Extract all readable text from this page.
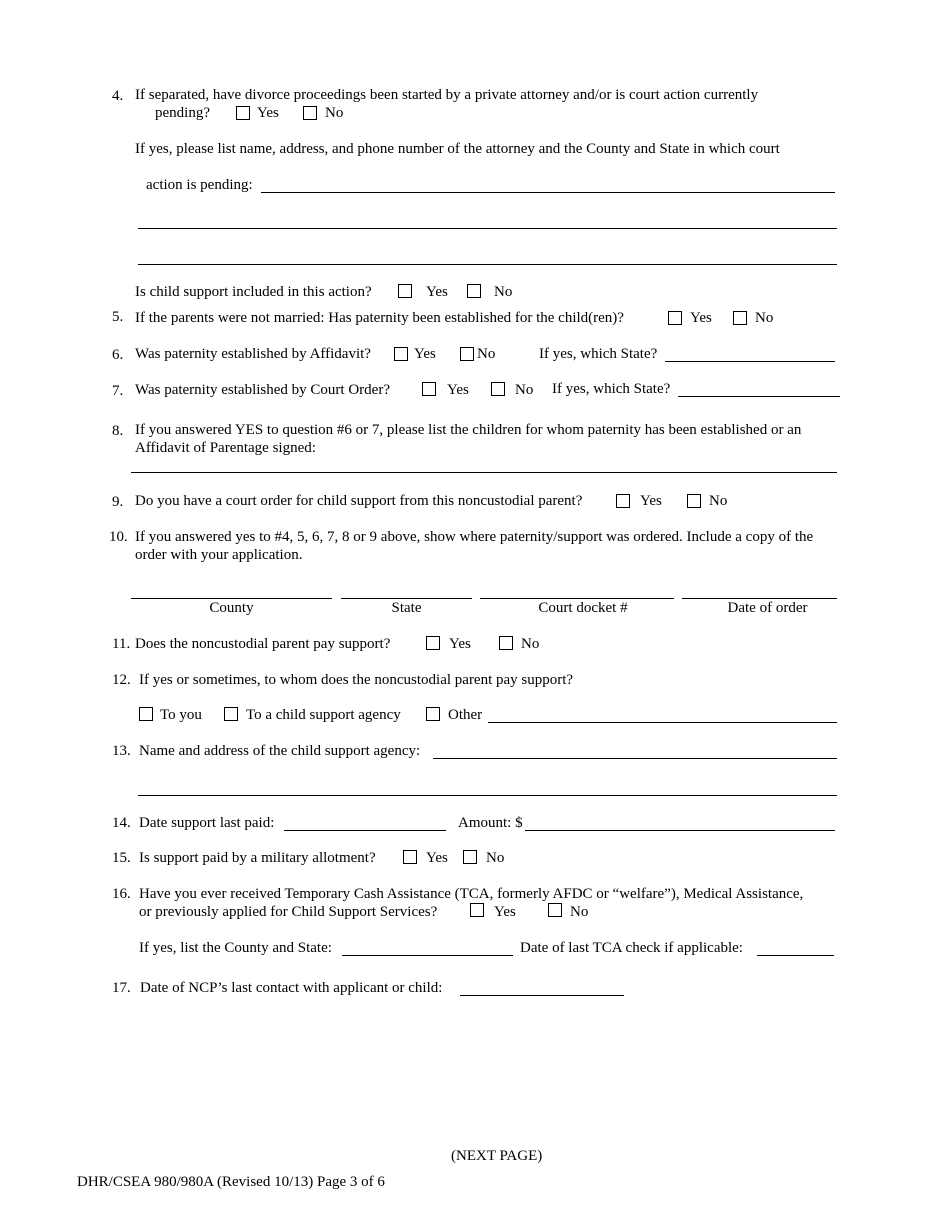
4. If separated, have divorce proceedings been started by a private attorney and/or is court action currently
pending?	Yes	No
If yes, please list name, address, and phone number of the attorney and the County and State in which court
action is pending:
Is child support included in this action?	Yes	No
5. If the parents were not married: Has paternity been established for the child(ren)?	Yes	No
6. Was paternity established by Affidavit?	Yes	No	If yes, which State?
7. Was paternity established by Court Order?	Yes	No If yes, which State?
8. If you answered YES to question #6 or 7, please list the children for whom paternity has been established or an
Affidavit of Parentage signed:
9. Do you have a court order for child support from this noncustodial parent?	Yes	No
10. If you answered yes to #4, 5, 6, 7, 8 or 9 above, show where paternity/support was ordered. Include a copy of the
order with your application.
County	State	Court docket #	Date of order
11. Does the noncustodial parent pay support?	Yes	No
12. If yes or sometimes, to whom does the noncustodial parent pay support?
To you	To a child support agency	Other
13. Name and address of the child support agency:
14. Date support last paid:	Amount: $
15. Is support paid by a military allotment?	Yes	No
16. Have you ever received Temporary Cash Assistance (TCA, formerly AFDC or “welfare”), Medical Assistance,
or previously applied for Child Support Services?	Yes	No
If yes, list the County and State:	Date of last TCA check if applicable:
17. Date of NCP’s last contact with applicant or child:
(NEXT PAGE)
DHR/CSEA 980/980A (Revised 10/13) Page 3 of 6
